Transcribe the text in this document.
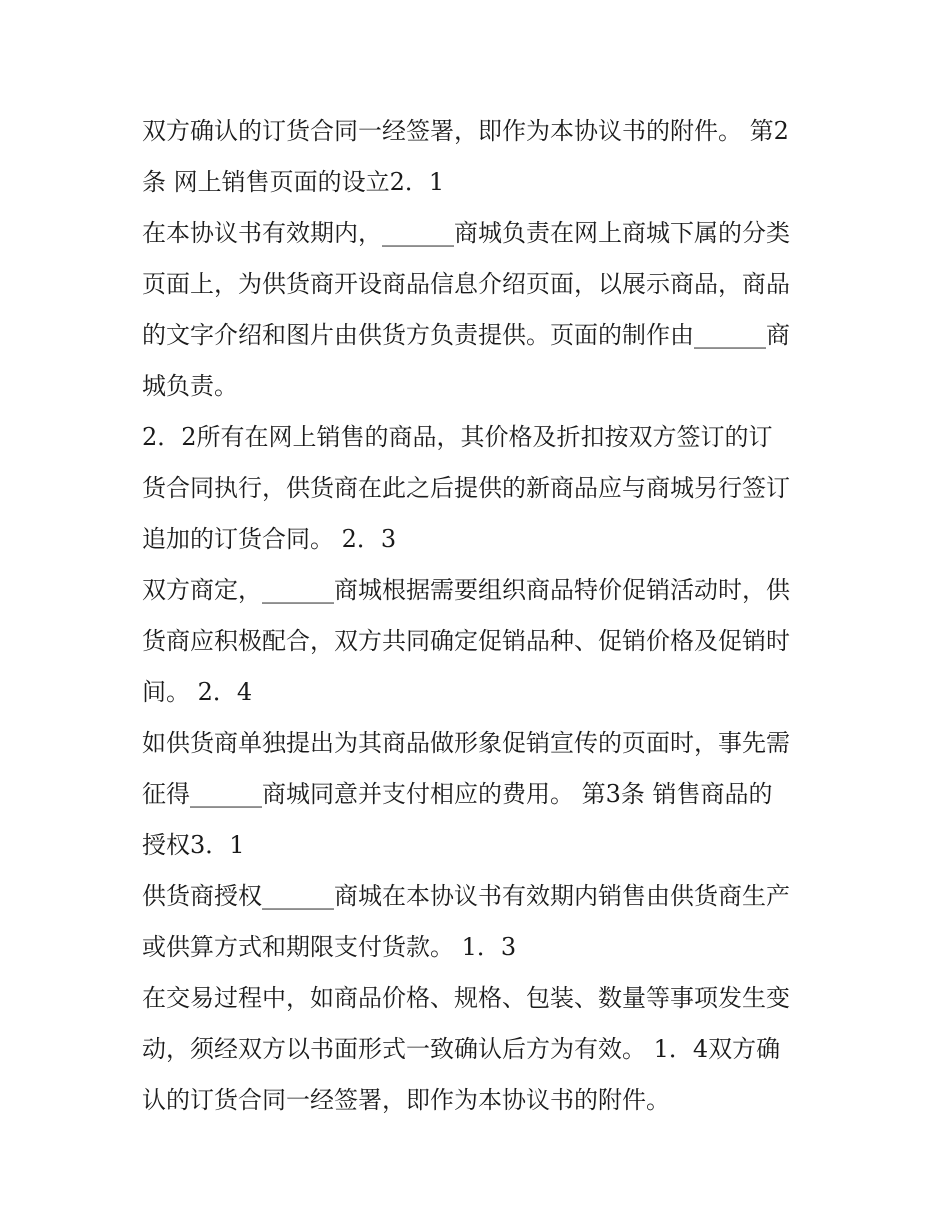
双方确认的订货合同一经签署，即作为本协议书的附件。 第2
条 网上销售页面的设立2．1
在本协议书有效期内，______商城负责在网上商城下属的分类
页面上，为供货商开设商品信息介绍页面，以展示商品，商品
的文字介绍和图片由供货方负责提供。页面的制作由______商
城负责。
2．2所有在网上销售的商品，其价格及折扣按双方签订的订
货合同执行，供货商在此之后提供的新商品应与商城另行签订
追加的订货合同。 2．3
双方商定，______商城根据需要组织商品特价促销活动时，供
货商应积极配合，双方共同确定促销品种、促销价格及促销时
间。 2．4
如供货商单独提出为其商品做形象促销宣传的页面时，事先需
征得______商城同意并支付相应的费用。 第3条 销售商品的
授权3．1
供货商授权______商城在本协议书有效期内销售由供货商生产
或供算方式和期限支付货款。 1．3
在交易过程中，如商品价格、规格、包装、数量等事项发生变
动，须经双方以书面形式一致确认后方为有效。 1．4双方确
认的订货合同一经签署，即作为本协议书的附件。
